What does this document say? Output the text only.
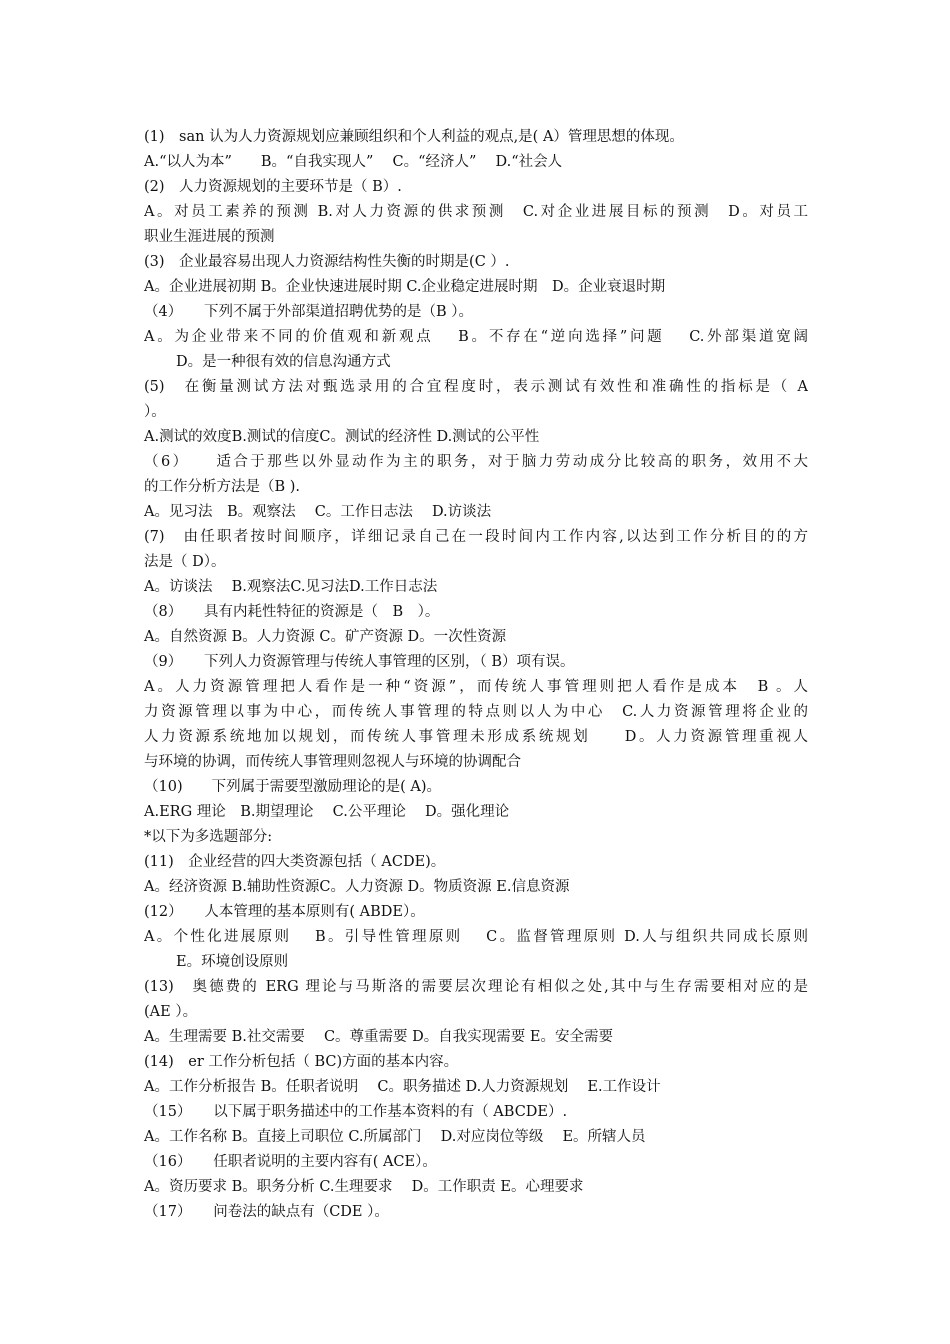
(1)　san 认为人力资源规划应兼顾组织和个人利益的观点,是( A）管理思想的体现。
A.“以人为本”　　B。“自我实现人”　 C。“经济人”　 D.“社会人
(2)　人力资源规划的主要环节是（ B）.
A。对员工素养的预测 B.对人力资源的供求预测　C.对企业进展目标的预测　D。对员工
职业生涯进展的预测
(3)　企业最容易出现人力资源结构性失衡的时期是(C ）.
A。企业进展初期 B。企业快速进展时期 C.企业稳定进展时期　D。企业衰退时期
（4）　　下列不属于外部渠道招聘优势的是（B ）。
A。为企业带来不同的价值观和新观点　 B。不存在“逆向选择”问题　 C.外部渠道宽阔
D。是一种很有效的信息沟通方式
(5)　在衡量测试方法对甄选录用的合宜程度时，表示测试有效性和准确性的指标是（ A
）。
A.测试的效度B.测试的信度C。测试的经济性 D.测试的公平性
（6）　　适合于那些以外显动作为主的职务，对于脑力劳动成分比较高的职务，效用不大
的工作分析方法是（B ).
A。见习法　B。观察法　 C。工作日志法　 D.访谈法
(7)　由任职者按时间顺序，详细记录自己在一段时间内工作内容,以达到工作分析目的的方
法是（ D）。
A。访谈法　 B.观察法C.见习法D.工作日志法
（8）　　具有内耗性特征的资源是（　B　）。
A。自然资源 B。人力资源 C。矿产资源 D。一次性资源
（9）　　下列人力资源管理与传统人事管理的区别，（ B）项有误。
A。人力资源管理把人看作是一种“资源”，而传统人事管理则把人看作是成本　B 。人
力资源管理以事为中心，而传统人事管理的特点则以人为中心　C.人力资源管理将企业的
人力资源系统地加以规划，而传统人事管理未形成系统规划　　D。人力资源管理重视人
与环境的协调，而传统人事管理则忽视人与环境的协调配合
（10)　　下列属于需要型激励理论的是( A)。
A.ERG 理论　B.期望理论　 C.公平理论　 D。强化理论
*以下为多选题部分:
(11)　企业经营的四大类资源包括（ ACDE)。
A。经济资源 B.辅助性资源C。人力资源 D。物质资源 E.信息资源
(12）　　人本管理的基本原则有( ABDE）。
A。个性化进展原则　 B。引导性管理原则　 C。监督管理原则 D.人与组织共同成长原则
E。环境创设原则
(13)　奥德费的 ERG 理论与马斯洛的需要层次理论有相似之处,其中与生存需要相对应的是
(AE ）。
A。生理需要 B.社交需要　 C。尊重需要 D。自我实现需要 E。安全需要
(14)　er 工作分析包括（ BC)方面的基本内容。
A。工作分析报告 B。任职者说明　 C。职务描述 D.人力资源规划　 E.工作设计
（15）　　以下属于职务描述中的工作基本资料的有（ ABCDE）.
A。工作名称 B。直接上司职位 C.所属部门　 D.对应岗位等级　 E。所辖人员
（16）　　任职者说明的主要内容有( ACE）。
A。资历要求 B。职务分析 C.生理要求　 D。工作职责 E。心理要求
（17）　　问卷法的缺点有（CDE ）。
